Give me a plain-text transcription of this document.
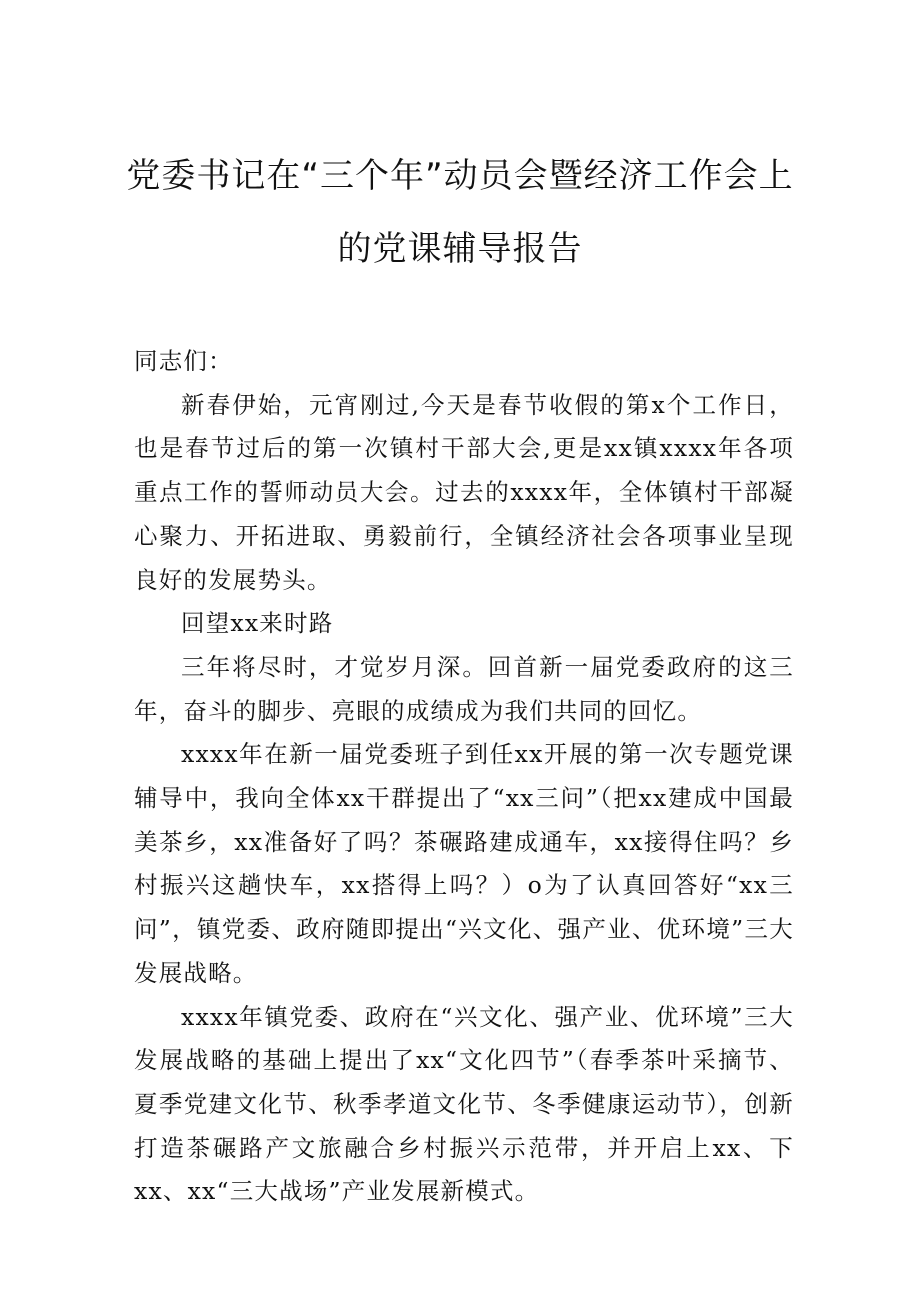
党委书记在“三个年”动员会暨经济工作会上
的党课辅导报告

同志们：

新春伊始，元宵刚过,今天是春节收假的第x个工作日，也是春节过后的第一次镇村干部大会,更是xx镇xxxx年各项重点工作的誓师动员大会。过去的xxxx年，全体镇村干部凝心聚力、开拓进取、勇毅前行，全镇经济社会各项事业呈现良好的发展势头。

回望xx来时路

三年将尽时，才觉岁月深。回首新一届党委政府的这三年，奋斗的脚步、亮眼的成绩成为我们共同的回忆。

xxxx年在新一届党委班子到任xx开展的第一次专题党课辅导中，我向全体xx干群提出了“xx三问”（把xx建成中国最美茶乡，xx准备好了吗？茶碾路建成通车，xx接得住吗？乡村振兴这趟快车，xx搭得上吗？）o为了认真回答好“xx三问”，镇党委、政府随即提出“兴文化、强产业、优环境”三大发展战略。

xxxx年镇党委、政府在“兴文化、强产业、优环境”三大发展战略的基础上提出了xx“文化四节”（春季茶叶采摘节、夏季党建文化节、秋季孝道文化节、冬季健康运动节），创新打造茶碾路产文旅融合乡村振兴示范带，并开启上xx、下xx、xx“三大战场”产业发展新模式。
